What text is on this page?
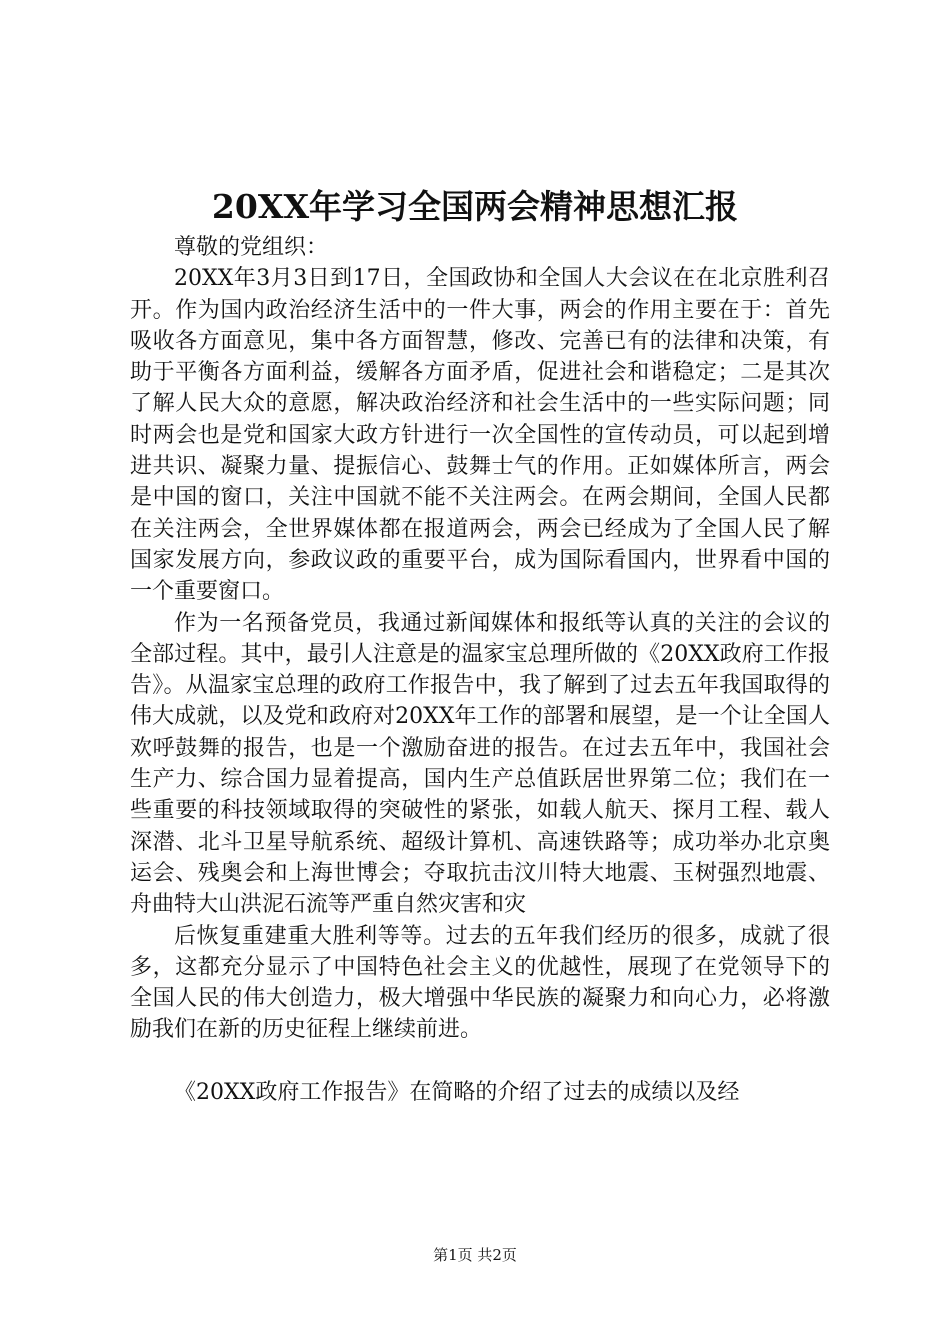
20XX年学习全国两会精神思想汇报

尊敬的党组织：

20XX年3月3日到17日，全国政协和全国人大会议在在北京胜利召开。作为国内政治经济生活中的一件大事，两会的作用主要在于：首先吸收各方面意见，集中各方面智慧，修改、完善已有的法律和决策，有助于平衡各方面利益，缓解各方面矛盾，促进社会和谐稳定；二是其次了解人民大众的意愿，解决政治经济和社会生活中的一些实际问题；同时两会也是党和国家大政方针进行一次全国性的宣传动员，可以起到增进共识、凝聚力量、提振信心、鼓舞士气的作用。正如媒体所言，两会是中国的窗口，关注中国就不能不关注两会。在两会期间，全国人民都在关注两会，全世界媒体都在报道两会，两会已经成为了全国人民了解国家发展方向，参政议政的重要平台，成为国际看国内，世界看中国的一个重要窗口。

作为一名预备党员，我通过新闻媒体和报纸等认真的关注的会议的全部过程。其中，最引人注意是的温家宝总理所做的《20XX政府工作报告》。从温家宝总理的政府工作报告中，我了解到了过去五年我国取得的伟大成就，以及党和政府对20XX年工作的部署和展望，是一个让全国人欢呼鼓舞的报告，也是一个激励奋进的报告。在过去五年中，我国社会生产力、综合国力显着提高，国内生产总值跃居世界第二位；我们在一些重要的科技领域取得的突破性的紧张，如载人航天、探月工程、载人深潜、北斗卫星导航系统、超级计算机、高速铁路等；成功举办北京奥运会、残奥会和上海世博会；夺取抗击汶川特大地震、玉树强烈地震、舟曲特大山洪泥石流等严重自然灾害和灾

后恢复重建重大胜利等等。过去的五年我们经历的很多，成就了很多，这都充分显示了中国特色社会主义的优越性，展现了在党领导下的全国人民的伟大创造力，极大增强中华民族的凝聚力和向心力，必将激励我们在新的历史征程上继续前进。

《20XX政府工作报告》在简略的介绍了过去的成绩以及经

第1页 共2页
